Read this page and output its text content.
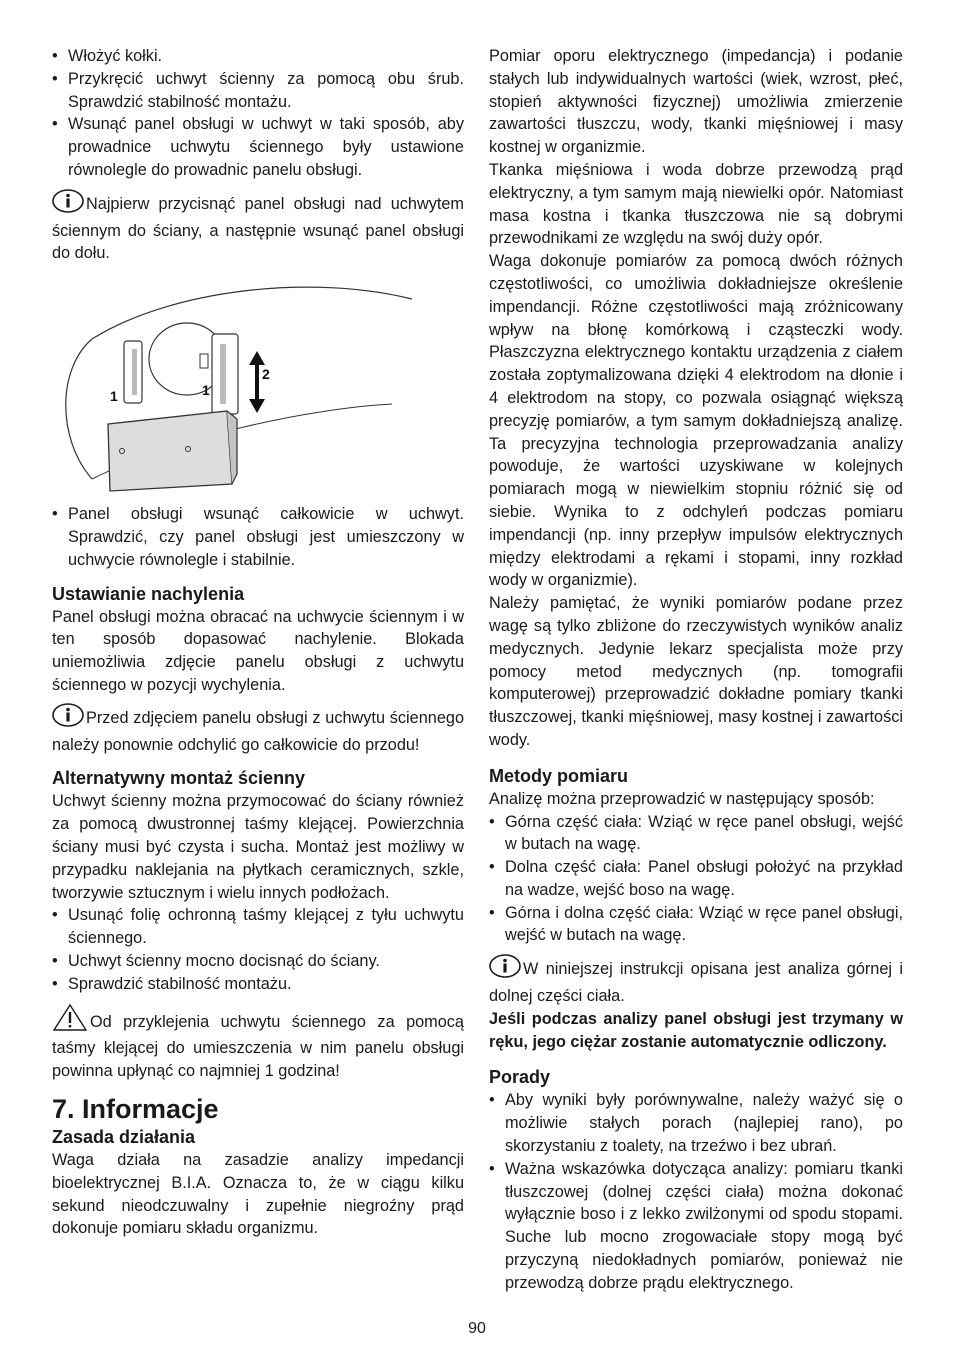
• Włożyć kołki.
• Przykręcić uchwyt ścienny za pomocą obu śrub. Sprawdzić stabilność montażu.
• Wsunąć panel obsługi w uchwyt w taki sposób, aby prowadnice uchwytu ściennego były ustawione równolegle do prowadnic panelu obsługi.
Najpierw przycisnąć panel obsługi nad uchwytem ściennym do ściany, a następnie wsunąć panel obsługi do dołu.
1	1
2
• Panel obsługi wsunąć całkowicie w uchwyt. Sprawdzić, czy panel obsługi jest umieszczony w uchwycie równolegle i stabilnie.
Ustawianie nachylenia

Panel obsługi można obracać na uchwycie ściennym i w ten sposób dopasować nachylenie. Blokada uniemożliwia zdjęcie panelu obsługi z uchwytu ściennego w pozycji wychylenia.

Przed zdjęciem panelu obsługi z uchwytu ściennego należy ponownie odchylić go całkowicie do przodu!
Alternatywny montaż ścienny

Uchwyt ścienny można przymocować do ściany również za pomocą dwustronnej taśmy klejącej. Powierzchnia ściany musi być czysta i sucha. Montaż jest możliwy w przypadku naklejania na płytkach ceramicznych, szkle, tworzywie sztucznym i wielu innych podłożach.

• Usunąć folię ochronną taśmy klejącej z tyłu uchwytu ściennego.
• Uchwyt ścienny mocno docisnąć do ściany.
• Sprawdzić stabilność montażu.
Od przyklejenia uchwytu ściennego za pomocą taśmy klejącej do umieszczenia w nim panelu obsługi powinna upłynąć co najmniej 1 godzina!
7. Informacje
Zasada działania

Waga działa na zasadzie analizy impedancji bioelektrycznej B.I.A. Oznacza to, że w ciągu kilku sekund nieodczuwalny i zupełnie niegroźny prąd dokonuje pomiaru składu organizmu.

Pomiar oporu elektrycznego (impedancja) i podanie stałych lub indywidualnych wartości (wiek, wzrost, płeć, stopień aktywności fizycznej) umożliwia zmierzenie zawartości tłuszczu, wody, tkanki mięśniowej i masy kostnej w organizmie.

Tkanka mięśniowa i woda dobrze przewodzą prąd elektryczny, a tym samym mają niewielki opór. Natomiast masa kostna i tkanka tłuszczowa nie są dobrymi przewodnikami ze względu na swój duży opór.

Waga dokonuje pomiarów za pomocą dwóch różnych częstotliwości, co umożliwia dokładniejsze określenie impendancji. Różne częstotliwości mają zróżnicowany wpływ na błonę komórkową i cząsteczki wody. Płaszczyzna elektrycznego kontaktu urządzenia z ciałem została zoptymalizowana dzięki 4 elektrodom na dłonie i 4 elektrodom na stopy, co pozwala osiągnąć większą precyzję pomiarów, a tym samym dokładniejszą analizę. Ta precyzyjna technologia przeprowadzania analizy powoduje, że wartości uzyskiwane w kolejnych pomiarach mogą w niewielkim stopniu różnić się od siebie. Wynika to z odchyleń podczas pomiaru impendancji (np. inny przepływ impulsów elektrycznych między elektrodami a rękami i stopami, inny rozkład wody w organizmie).

Należy pamiętać, że wyniki pomiarów podane przez wagę są tylko zbliżone do rzeczywistych wyników analiz medycznych. Jedynie lekarz specjalista może przy pomocy metod medycznych (np. tomografii komputerowej) przeprowadzić dokładne pomiary tkanki tłuszczowej, tkanki mięśniowej, masy kostnej i zawartości wody.

Metody pomiaru

Analizę można przeprowadzić w następujący sposób:

• Górna część ciała: Wziąć w ręce panel obsługi, wejść w butach na wagę.
• Dolna część ciała: Panel obsługi położyć na przykład na wadze, wejść boso na wagę.
• Górna i dolna część ciała: Wziąć w ręce panel obsługi, wejść w butach na wagę.
W niniejszej instrukcji opisana jest analiza górnej i dolnej części ciała.

Jeśli podczas analizy panel obsługi jest trzymany w ręku, jego ciężar zostanie automatycznie odliczony.

Porady
• Aby wyniki były porównywalne, należy ważyć się o możliwie stałych porach (najlepiej rano), po skorzystaniu z toalety, na trzeźwo i bez ubrań.
• Ważna wskazówka dotycząca analizy: pomiaru tkanki tłuszczowej (dolnej części ciała) można dokonać wyłącznie boso i z lekko zwilżonymi od spodu stopami. Suche lub mocno zrogowaciałe stopy mogą być przyczyną niedokładnych pomiarów, ponieważ nie przewodzą dobrze prądu elektrycznego.
90
